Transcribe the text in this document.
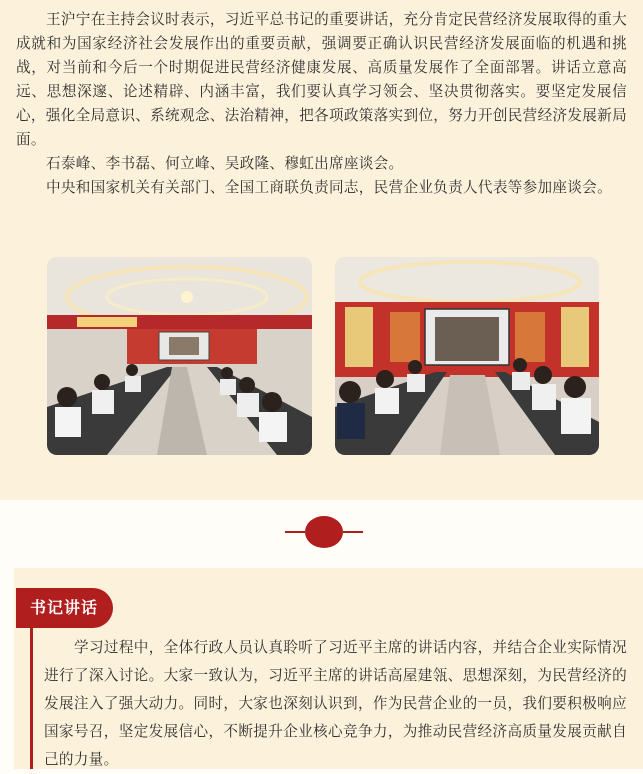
王沪宁在主持会议时表示，习近平总书记的重要讲话，充分肯定民营经济发展取得的重大成就和为国家经济社会发展作出的重要贡献，强调要正确认识民营经济发展面临的机遇和挑战，对当前和今后一个时期促进民营经济健康发展、高质量发展作了全面部署。讲话立意高远、思想深邃、论述精辟、内涵丰富，我们要认真学习领会、坚决贯彻落实。要坚定发展信心，强化全局意识、系统观念、法治精神，把各项政策落实到位，努力开创民营经济发展新局面。

石泰峰、李书磊、何立峰、吴政隆、穆虹出席座谈会。

中央和国家机关有关部门、全国工商联负责同志，民营企业负责人代表等参加座谈会。

书记讲话

学习过程中，全体行政人员认真聆听了习近平主席的讲话内容，并结合企业实际情况进行了深入讨论。大家一致认为，习近平主席的讲话高屋建瓴、思想深刻，为民营经济的发展注入了强大动力。同时，大家也深刻认识到，作为民营企业的一员，我们要积极响应国家号召，坚定发展信心，不断提升企业核心竞争力，为推动民营经济高质量发展贡献自己的力量。
